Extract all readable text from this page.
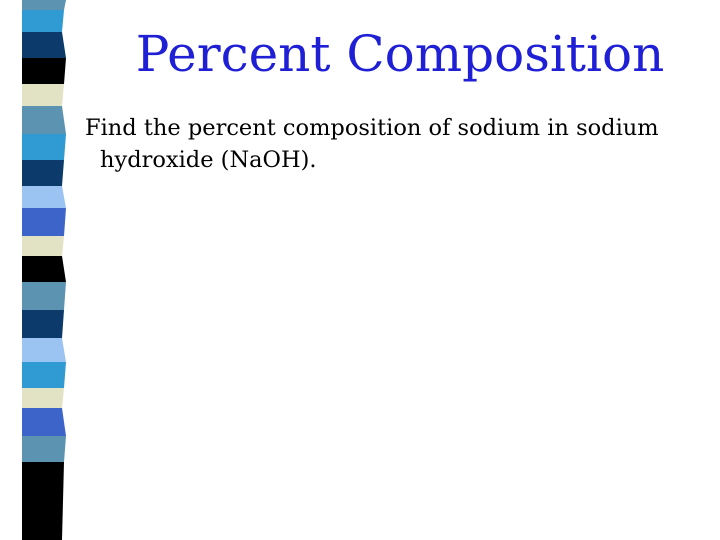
Percent Composition
Find the percent composition of sodium in sodium
hydroxide (NaOH).
